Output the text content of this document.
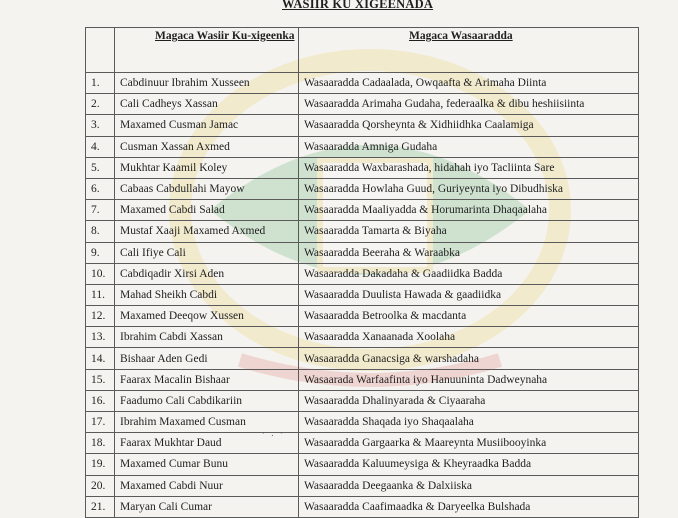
WASIIR KU XIGEENADA
	Magaca Wasiir Ku-xigeenka	Magaca Wasaaradda
1.	Cabdinuur Ibrahim Xusseen	Wasaaradda Cadaalada, Owqaafta & Arimaha Diinta
2.	Cali Cadheys Xassan	Wasaaradda Arimaha Gudaha, federaalka & dibu heshiisiinta
3.	Maxamed Cusman Jamac	Wasaaradda Qorsheynta & Xidhiidhka Caalamiga
4.	Cusman Xassan Axmed	Wasaaradda Amniga Gudaha
5.	Mukhtar Kaamil Koley	Wasaaradda Waxbarashada, hidahah iyo Tacliinta Sare
6.	Cabaas Cabdullahi Mayow	Wasaaradda Howlaha Guud, Guriyeynta iyo Dibudhiska
7.	Maxamed Cabdi Salad	Wasaaradda Maaliyadda & Horumarinta Dhaqaalaha
8.	Mustaf Xaaji Maxamed Axmed	Wasaaradda Tamarta & Biyaha
9.	Cali Ifiye Cali	Wasaaradda Beeraha & Waraabka
10.	Cabdiqadir Xirsi Aden	Wasaaradda Dakadaha & Gaadiidka Badda
11.	Mahad Sheikh Cabdi	Wasaaradda Duulista Hawada & gaadiidka
12.	Maxamed Deeqow Xussen	Wasaaradda Betroolka & macdanta
13.	Ibrahim Cabdi Xassan	Wasaaradda Xanaanada Xoolaha
14.	Bishaar Aden Gedi	Wasaaradda Ganacsiga & warshadaha
15.	Faarax Macalin Bishaar	Wasaarada Warfaafinta iyo Hanuuninta Dadweynaha
16.	Faadumo Cali Cabdikariin	Wasaaradda Dhalinyarada & Ciyaaraha
17.	Ibrahim Maxamed Cusman	Wasaaradda Shaqada iyo Shaqaalaha
18.	Faarax Mukhtar Daud	Wasaaradda Gargaarka & Maareynta Musiibooyinka
19.	Maxamed Cumar Bunu	Wasaaradda Kaluumeysiga & Kheyraadka Badda
20.	Maxamed Cabdi Nuur	Wasaaradda Deegaanka & Dalxiiska
21.	Maryan Cali Cumar	Wasaaradda Caafimaadka & Daryeelka Bulshada
· . ·
